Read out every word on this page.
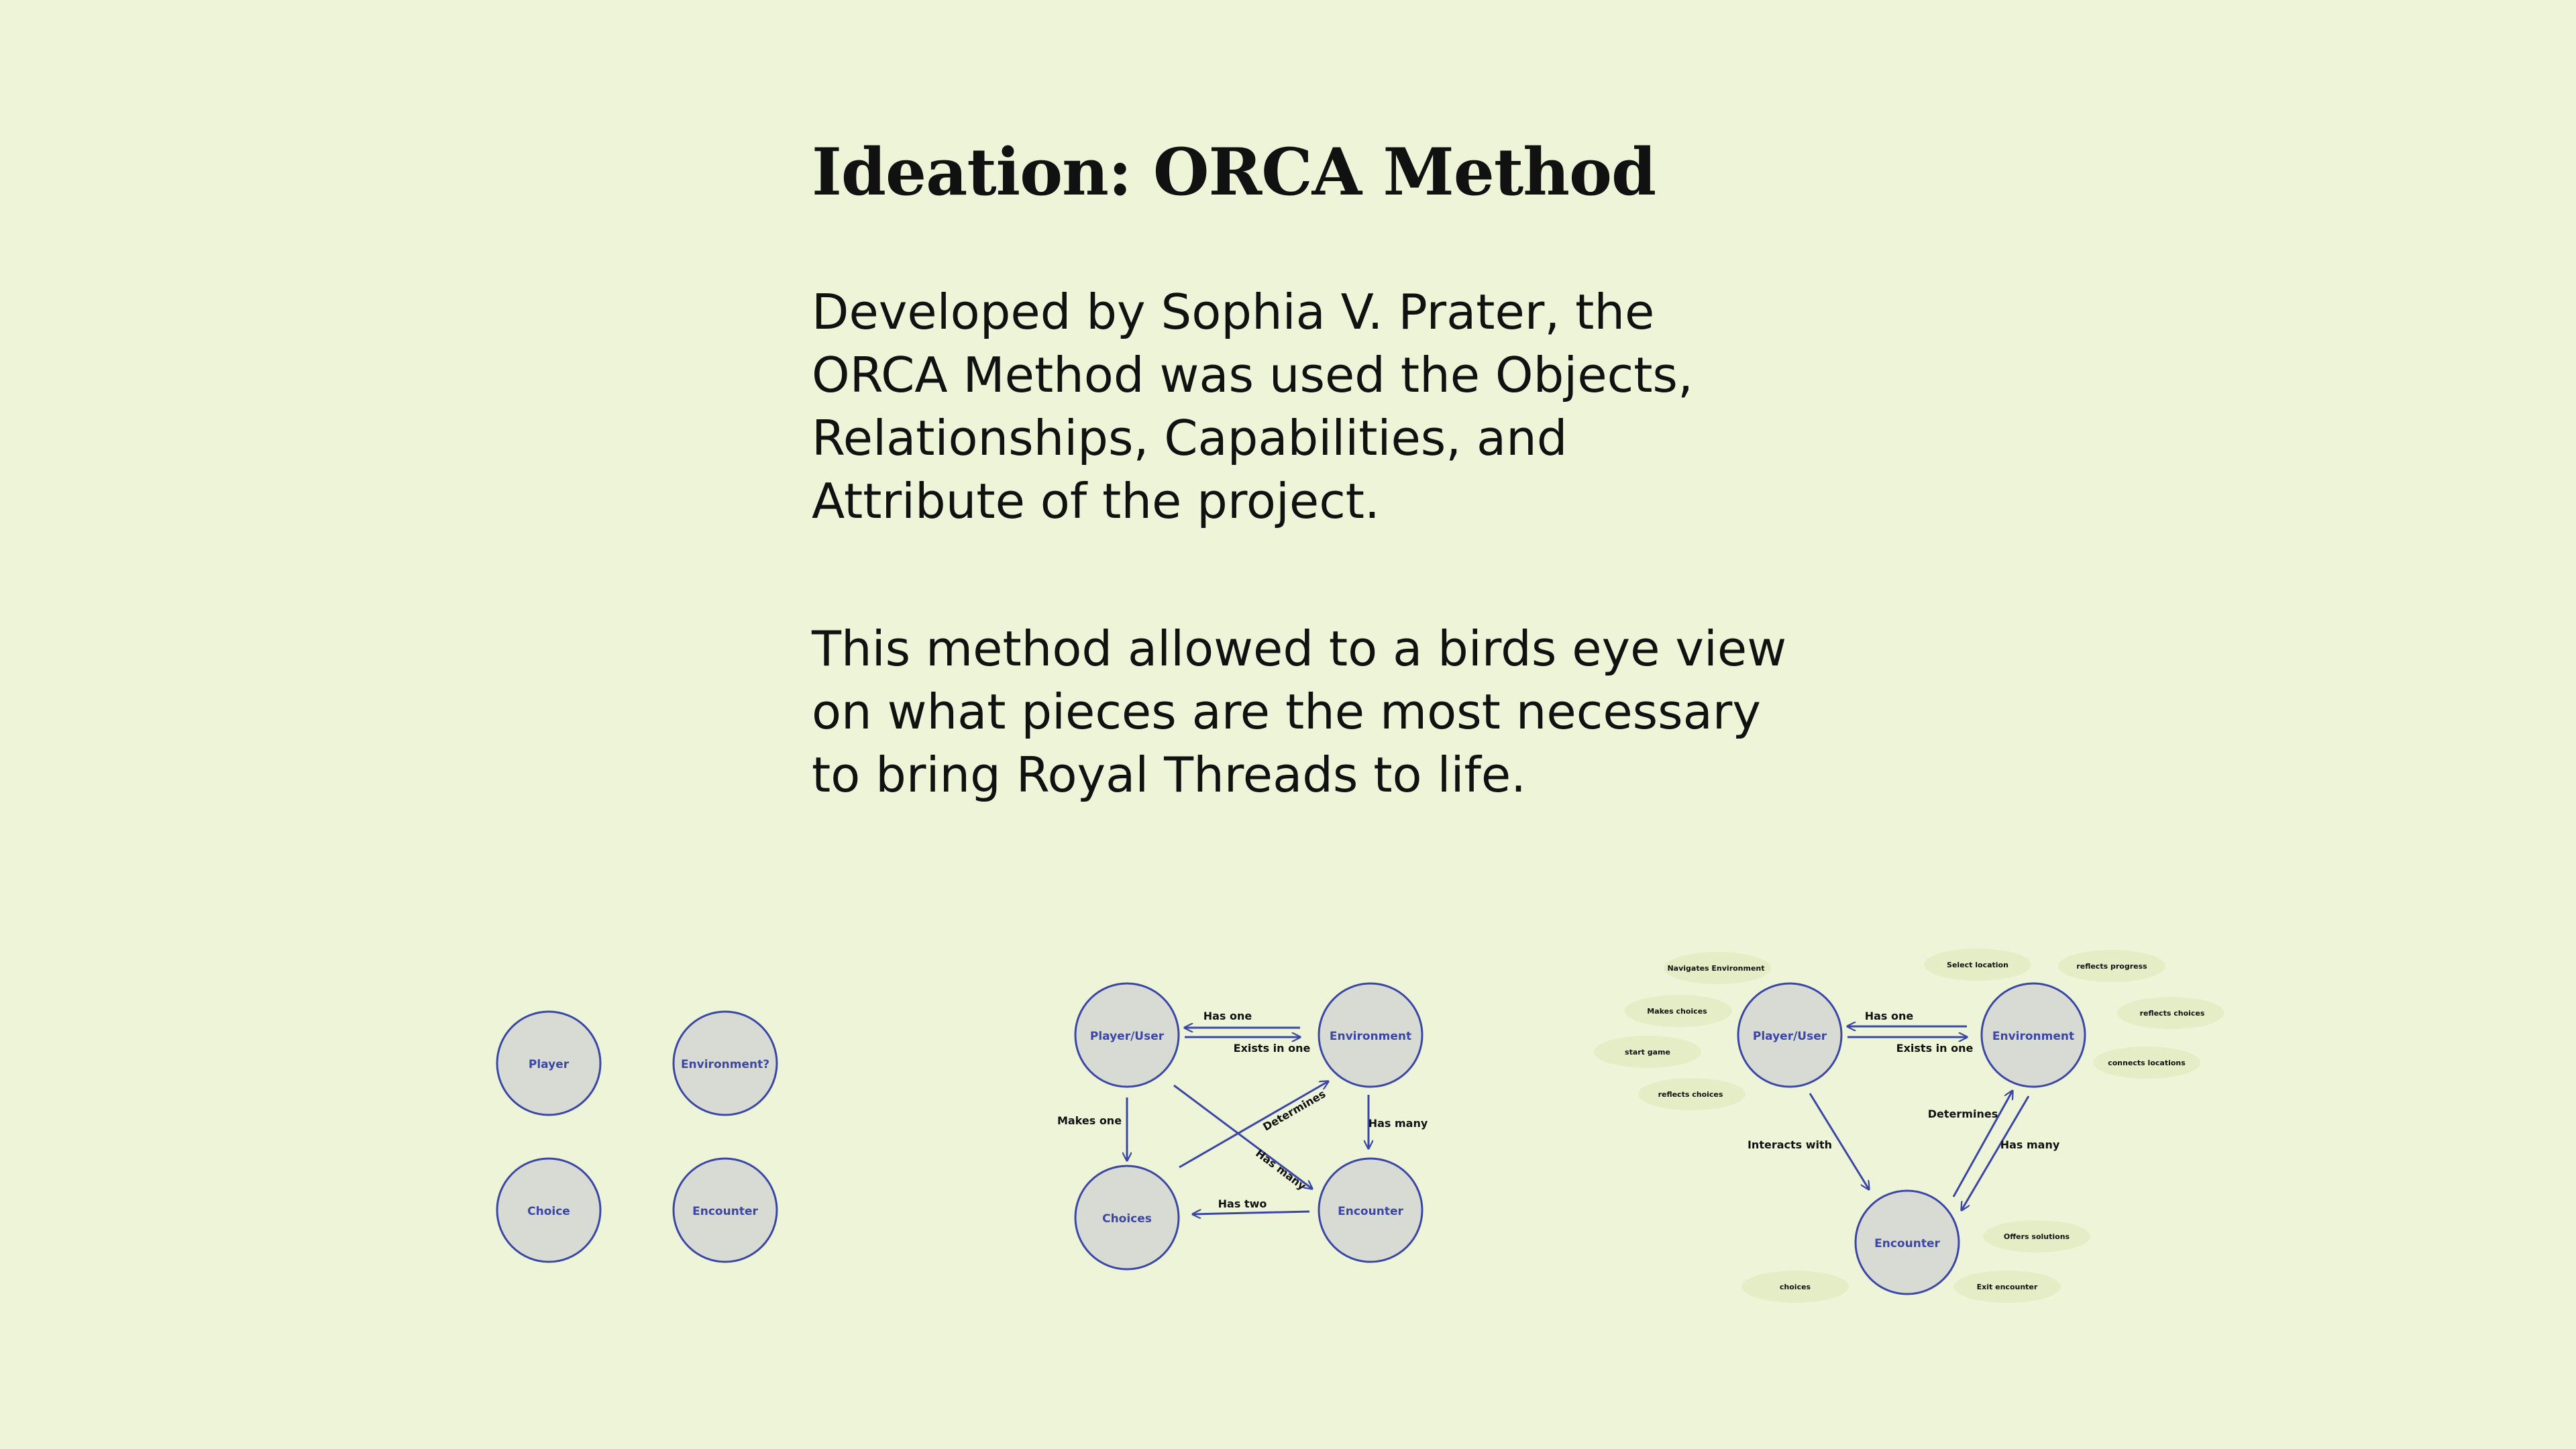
Ideation: ORCA Method

Developed by Sophia V. Prater, the ORCA Method was used the Objects, Relationships, Capabilities, and Attribute of the project.

This method allowed to a birds eye view on what pieces are the most necessary to bring Royal Threads to life.

Player	Environment?
Choice	Encounter
Has one
Exists in one
Makes one	Determines	Has many
Has many
Has two
Player/User	Environment
Choices
Encounter
Navigates Environment
Makes choices
start game
reflects choices
Select location	reflects progress
reflects choices
connects locations
Offers solutions
choices	Exit encounter
Has one
Exists in one
Interacts with
Determines
Has many
Player/User	Environment
Encounter
